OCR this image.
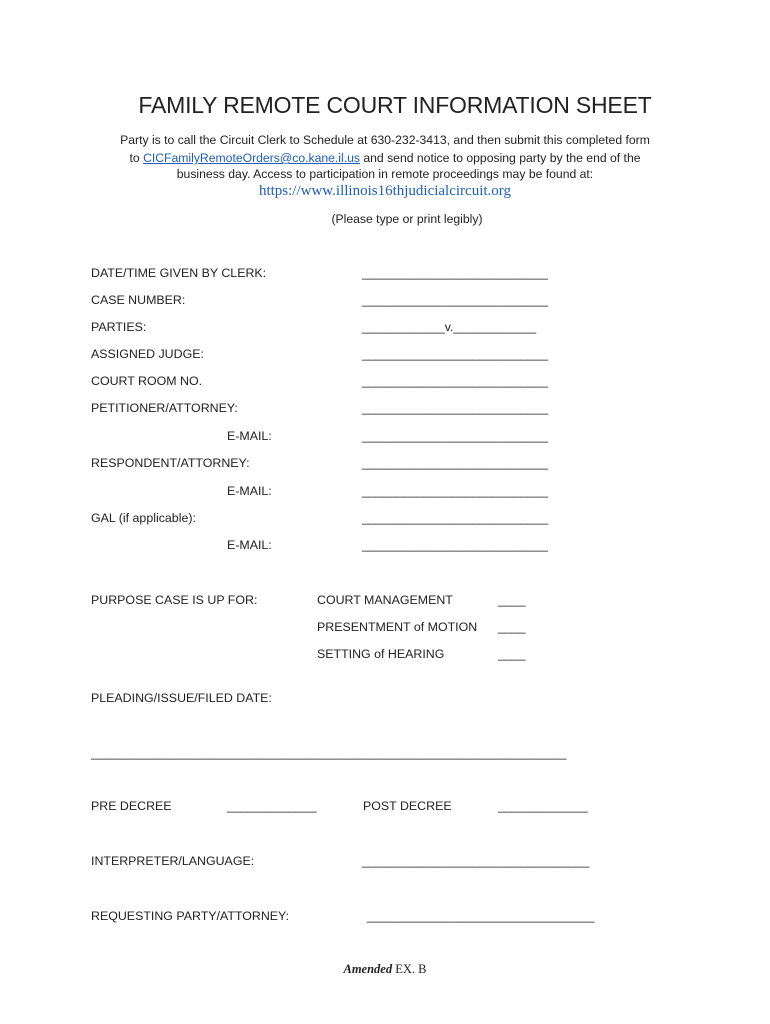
FAMILY REMOTE COURT INFORMATION SHEET
Party is to call the Circuit Clerk to Schedule at 630-232-3413, and then submit this completed form
to CICFamilyRemoteOrders@co.kane.il.us and send notice to opposing party by the end of the
business day. Access to participation in remote proceedings may be found at:
https://www.illinois16thjudicialcircuit.org
(Please type or print legibly)
DATE/TIME GIVEN BY CLERK:	___________________________
CASE NUMBER:	___________________________
PARTIES:	____________v.____________
ASSIGNED JUDGE:	___________________________
COURT ROOM NO.	___________________________
PETITIONER/ATTORNEY:	___________________________
E-MAIL:	___________________________
RESPONDENT/ATTORNEY:	___________________________
E-MAIL:	___________________________
GAL (if applicable):	___________________________
E-MAIL:	___________________________
PURPOSE CASE IS UP FOR:	COURT MANAGEMENT	____
PRESENTMENT of MOTION ____
SETTING of HEARING	____
PLEADING/ISSUE/FILED DATE:
_____________________________________________________________________
PRE DECREE	_____________	POST DECREE	_____________
INTERPRETER/LANGUAGE:	_________________________________
REQUESTING PARTY/ATTORNEY:	_________________________________
Amended EX. B
